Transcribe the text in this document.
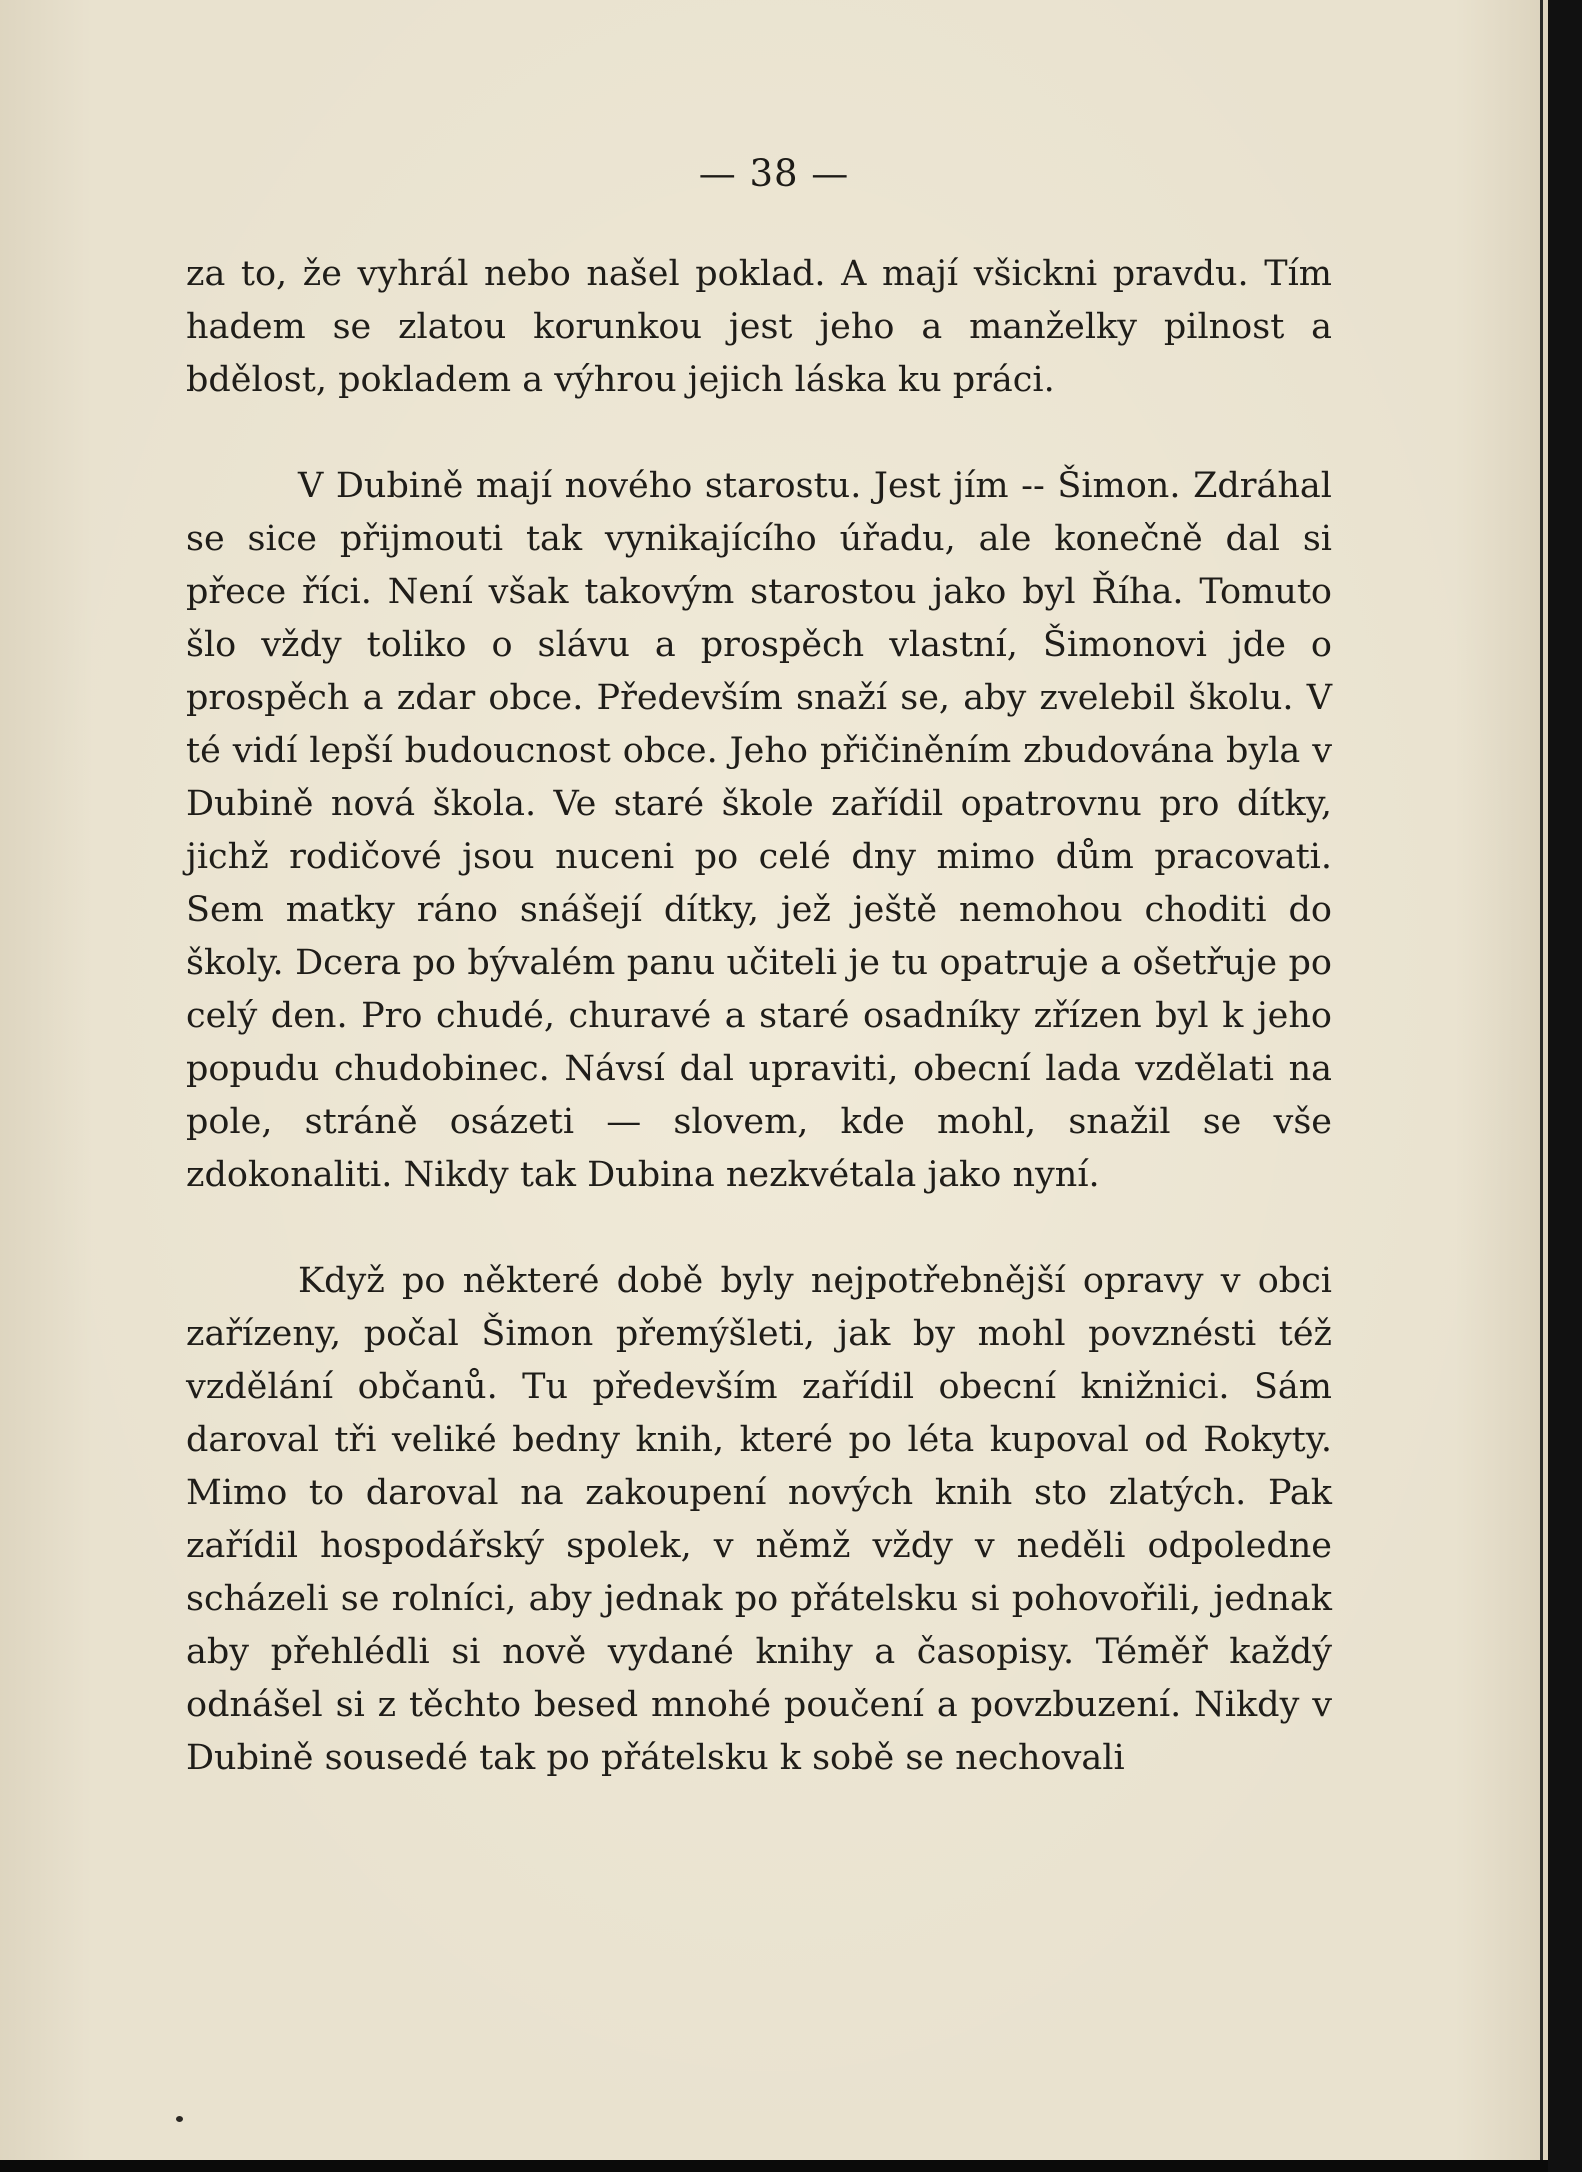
— 38 —

za to, že vyhrál nebo našel poklad. A mají všickni pravdu. Tím hadem se zlatou korunkou jest jeho a manželky pilnost a bdělost, pokladem a výhrou jejich láska ku práci.

V Dubině mají nového starostu. Jest jím -- Šimon. Zdráhal se sice přijmouti tak vynikajícího úřadu, ale konečně dal si přece říci. Není však takovým starostou jako byl Říha. Tomuto šlo vždy toliko o slávu a prospěch vlastní, Šimonovi jde o prospěch a zdar obce. Především snaží se, aby zvelebil školu. V té vidí lepší budoucnost obce. Jeho přičiněním zbudována byla v Dubině nová škola. Ve staré škole zařídil opatrovnu pro dítky, jichž rodičové jsou nuceni po celé dny mimo dům pracovati. Sem matky ráno snášejí dítky, jež ještě nemohou choditi do školy. Dcera po bývalém panu učiteli je tu opatruje a ošetřuje po celý den. Pro chudé, churavé a staré osadníky zřízen byl k jeho popudu chudobinec. Návsí dal upraviti, obecní lada vzdělati na pole, stráně osázeti — slovem, kde mohl, snažil se vše zdokonaliti. Nikdy tak Dubina nezkvétala jako nyní.

Když po některé době byly nejpotřebnější opravy v obci zařízeny, počal Šimon přemýšleti, jak by mohl povznésti též vzdělání občanů. Tu především zařídil obecní knižnici. Sám daroval tři veliké bedny knih, které po léta kupoval od Rokyty. Mimo to daroval na zakoupení nových knih sto zlatých. Pak zařídil hospodářský spolek, v němž vždy v neděli odpoledne scházeli se rolníci, aby jednak po přátelsku si pohovořili, jednak aby přehlédli si nově vydané knihy a časopisy. Téměř každý odnášel si z těchto besed mnohé poučení a povzbuzení. Nikdy v Dubině sousedé tak po přátelsku k sobě se nechovali
